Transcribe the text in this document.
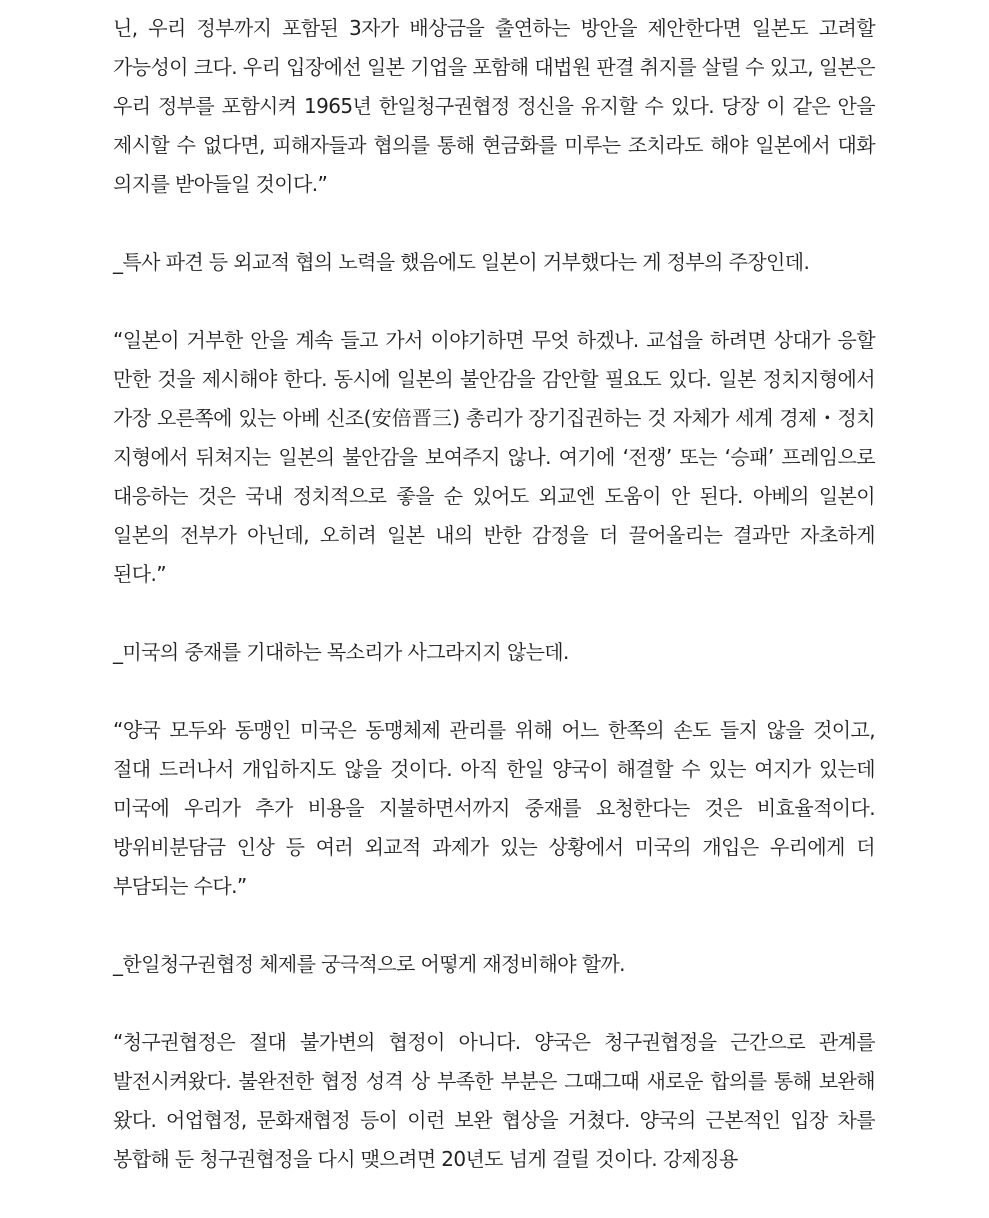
닌, 우리 정부까지 포함된 3자가 배상금을 출연하는 방안을 제안한다면 일본도 고려할 가능성이 크다. 우리 입장에선 일본 기업을 포함해 대법원 판결 취지를 살릴 수 있고, 일본은 우리 정부를 포함시켜 1965년 한일청구권협정 정신을 유지할 수 있다. 당장 이 같은 안을 제시할 수 없다면, 피해자들과 협의를 통해 현금화를 미루는 조치라도 해야 일본에서 대화 의지를 받아들일 것이다.”

_특사 파견 등 외교적 협의 노력을 했음에도 일본이 거부했다는 게 정부의 주장인데.

“일본이 거부한 안을 계속 들고 가서 이야기하면 무엇 하겠나. 교섭을 하려면 상대가 응할 만한 것을 제시해야 한다. 동시에 일본의 불안감을 감안할 필요도 있다. 일본 정치지형에서 가장 오른쪽에 있는 아베 신조(安倍晋三) 총리가 장기집권하는 것 자체가 세계 경제・정치 지형에서 뒤쳐지는 일본의 불안감을 보여주지 않나. 여기에 ‘전쟁’ 또는 ‘승패’ 프레임으로 대응하는 것은 국내 정치적으로 좋을 순 있어도 외교엔 도움이 안 된다. 아베의 일본이 일본의 전부가 아닌데, 오히려 일본 내의 반한 감정을 더 끌어올리는 결과만 자초하게 된다.”

_미국의 중재를 기대하는 목소리가 사그라지지 않는데.

“양국 모두와 동맹인 미국은 동맹체제 관리를 위해 어느 한쪽의 손도 들지 않을 것이고, 절대 드러나서 개입하지도 않을 것이다. 아직 한일 양국이 해결할 수 있는 여지가 있는데 미국에 우리가 추가 비용을 지불하면서까지 중재를 요청한다는 것은 비효율적이다. 방위비분담금 인상 등 여러 외교적 과제가 있는 상황에서 미국의 개입은 우리에게 더 부담되는 수다.”

_한일청구권협정 체제를 궁극적으로 어떻게 재정비해야 할까.

“청구권협정은 절대 불가변의 협정이 아니다. 양국은 청구권협정을 근간으로 관계를 발전시켜왔다. 불완전한 협정 성격 상 부족한 부분은 그때그때 새로운 합의를 통해 보완해 왔다. 어업협정, 문화재협정 등이 이런 보완 협상을 거쳤다. 양국의 근본적인 입장 차를 봉합해 둔 청구권협정을 다시 맺으려면 20년도 넘게 걸릴 것이다. 강제징용
